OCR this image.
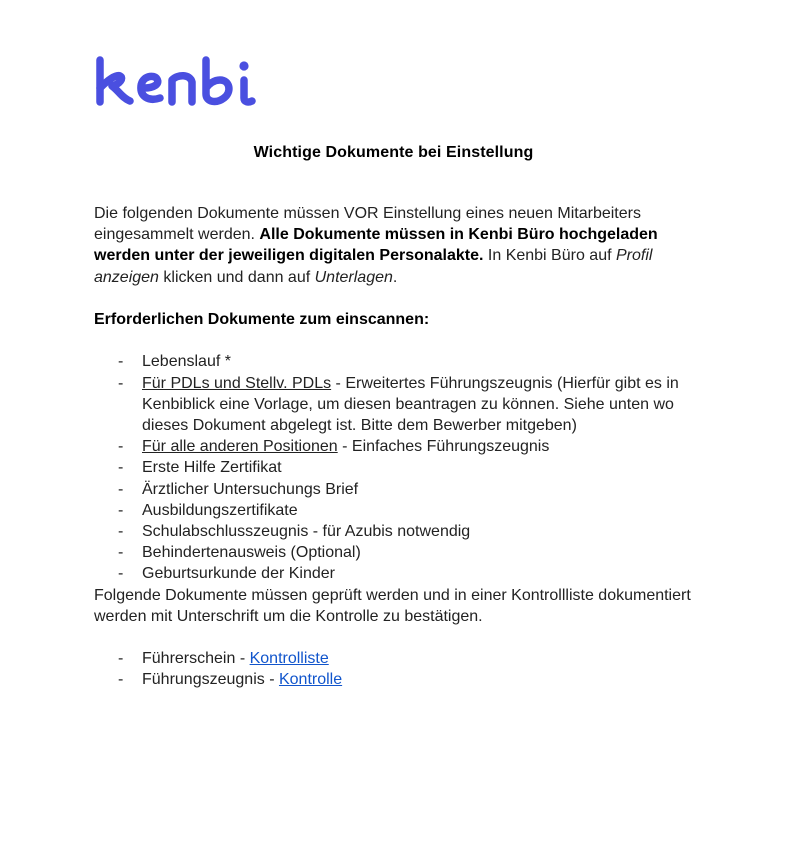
Wichtige Dokumente bei Einstellung

Die folgenden Dokumente müssen VOR Einstellung eines neuen Mitarbeiters eingesammelt werden. Alle Dokumente müssen in Kenbi Büro hochgeladen werden unter der jeweiligen digitalen Personalakte. In Kenbi Büro auf Profil anzeigen klicken und dann auf Unterlagen.

Erforderlichen Dokumente zum einscannen:

- Lebenslauf *
- Für PDLs und Stellv. PDLs - Erweitertes Führungszeugnis (Hierfür gibt es in Kenbiblick eine Vorlage, um diesen beantragen zu können. Siehe unten wo dieses Dokument abgelegt ist. Bitte dem Bewerber mitgeben)
- Für alle anderen Positionen - Einfaches Führungszeugnis
- Erste Hilfe Zertifikat
- Ärztlicher Untersuchungs Brief
- Ausbildungszertifikate
- Schulabschlusszeugnis - für Azubis notwendig
- Behindertenausweis (Optional)
- Geburtsurkunde der Kinder

Folgende Dokumente müssen geprüft werden und in einer Kontrollliste dokumentiert werden mit Unterschrift um die Kontrolle zu bestätigen.

- Führerschein - Kontrolliste
- Führungszeugnis - Kontrolle
